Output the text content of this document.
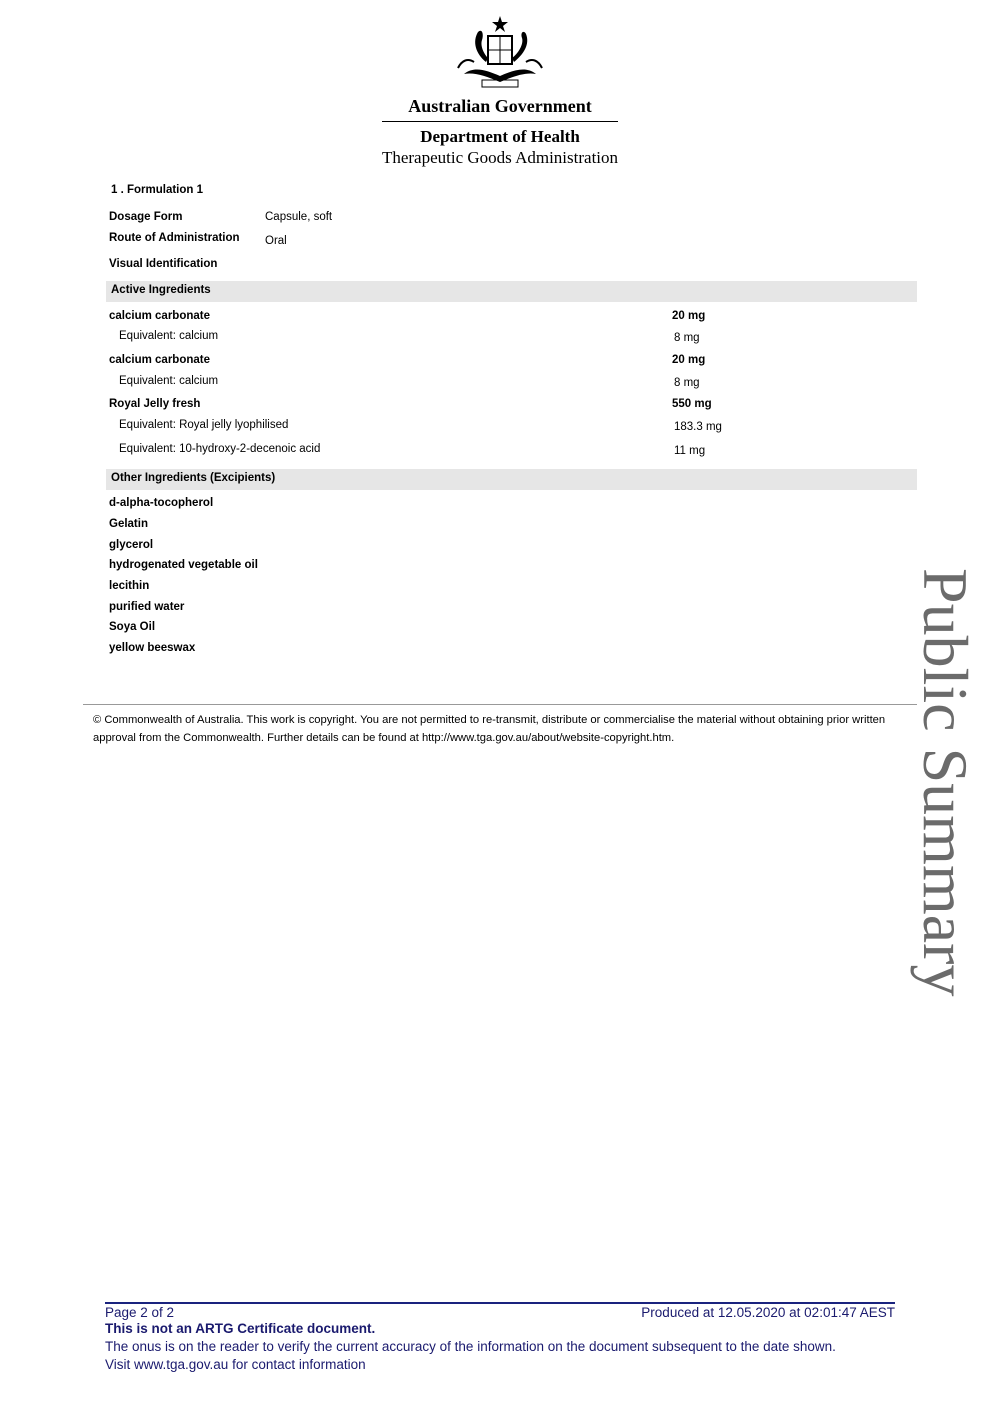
Australian Government
Department of Health
Therapeutic Goods Administration
1 . Formulation 1
Dosage Form	Capsule, soft
Route of Administration Oral
Visual Identification
Active Ingredients
calcium carbonate	20 mg
Equivalent: calcium	8 mg
calcium carbonate	20 mg
Equivalent: calcium	8 mg
Royal Jelly fresh	550 mg
Equivalent: Royal jelly lyophilised	183.3 mg
Equivalent: 10-hydroxy-2-decenoic acid	11 mg
Other Ingredients (Excipients)
d-alpha-tocopherol
Gelatin
glycerol
hydrogenated vegetable oil
lecithin
purified water
Soya Oil
yellow beeswax
© Commonwealth of Australia. This work is copyright. You are not permitted to re-transmit, distribute or commercialise the material without obtaining prior written approval from the Commonwealth. Further details can be found at http://www.tga.gov.au/about/website-copyright.htm.	Public Summary
Page 2 of 2	Produced at 12.05.2020 at 02:01:47 AEST
This is not an ARTG Certificate document.
The onus is on the reader to verify the current accuracy of the information on the document subsequent to the date shown.
Visit www.tga.gov.au for contact information
